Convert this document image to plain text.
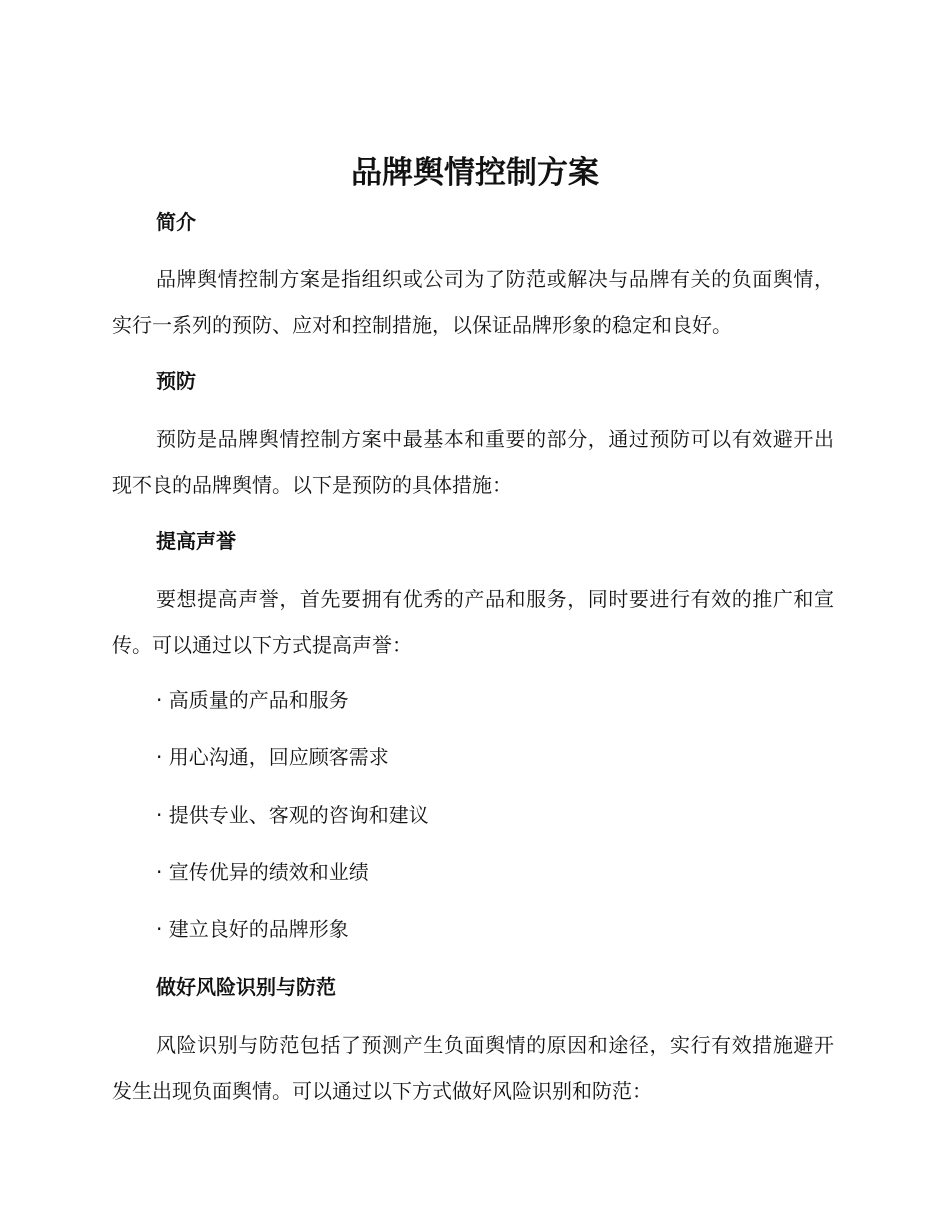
品牌舆情控制方案
简介

品牌舆情控制方案是指组织或公司为了防范或解决与品牌有关的负面舆情，实行一系列的预防、应对和控制措施，以保证品牌形象的稳定和良好。

预防

预防是品牌舆情控制方案中最基本和重要的部分，通过预防可以有效避开出现不良的品牌舆情。以下是预防的具体措施：

提高声誉

要想提高声誉，首先要拥有优秀的产品和服务，同时要进行有效的推广和宣传。可以通过以下方式提高声誉：

· 高质量的产品和服务

· 用心沟通，回应顾客需求

· 提供专业、客观的咨询和建议

· 宣传优异的绩效和业绩

· 建立良好的品牌形象

做好风险识别与防范

风险识别与防范包括了预测产生负面舆情的原因和途径，实行有效措施避开发生出现负面舆情。可以通过以下方式做好风险识别和防范：
